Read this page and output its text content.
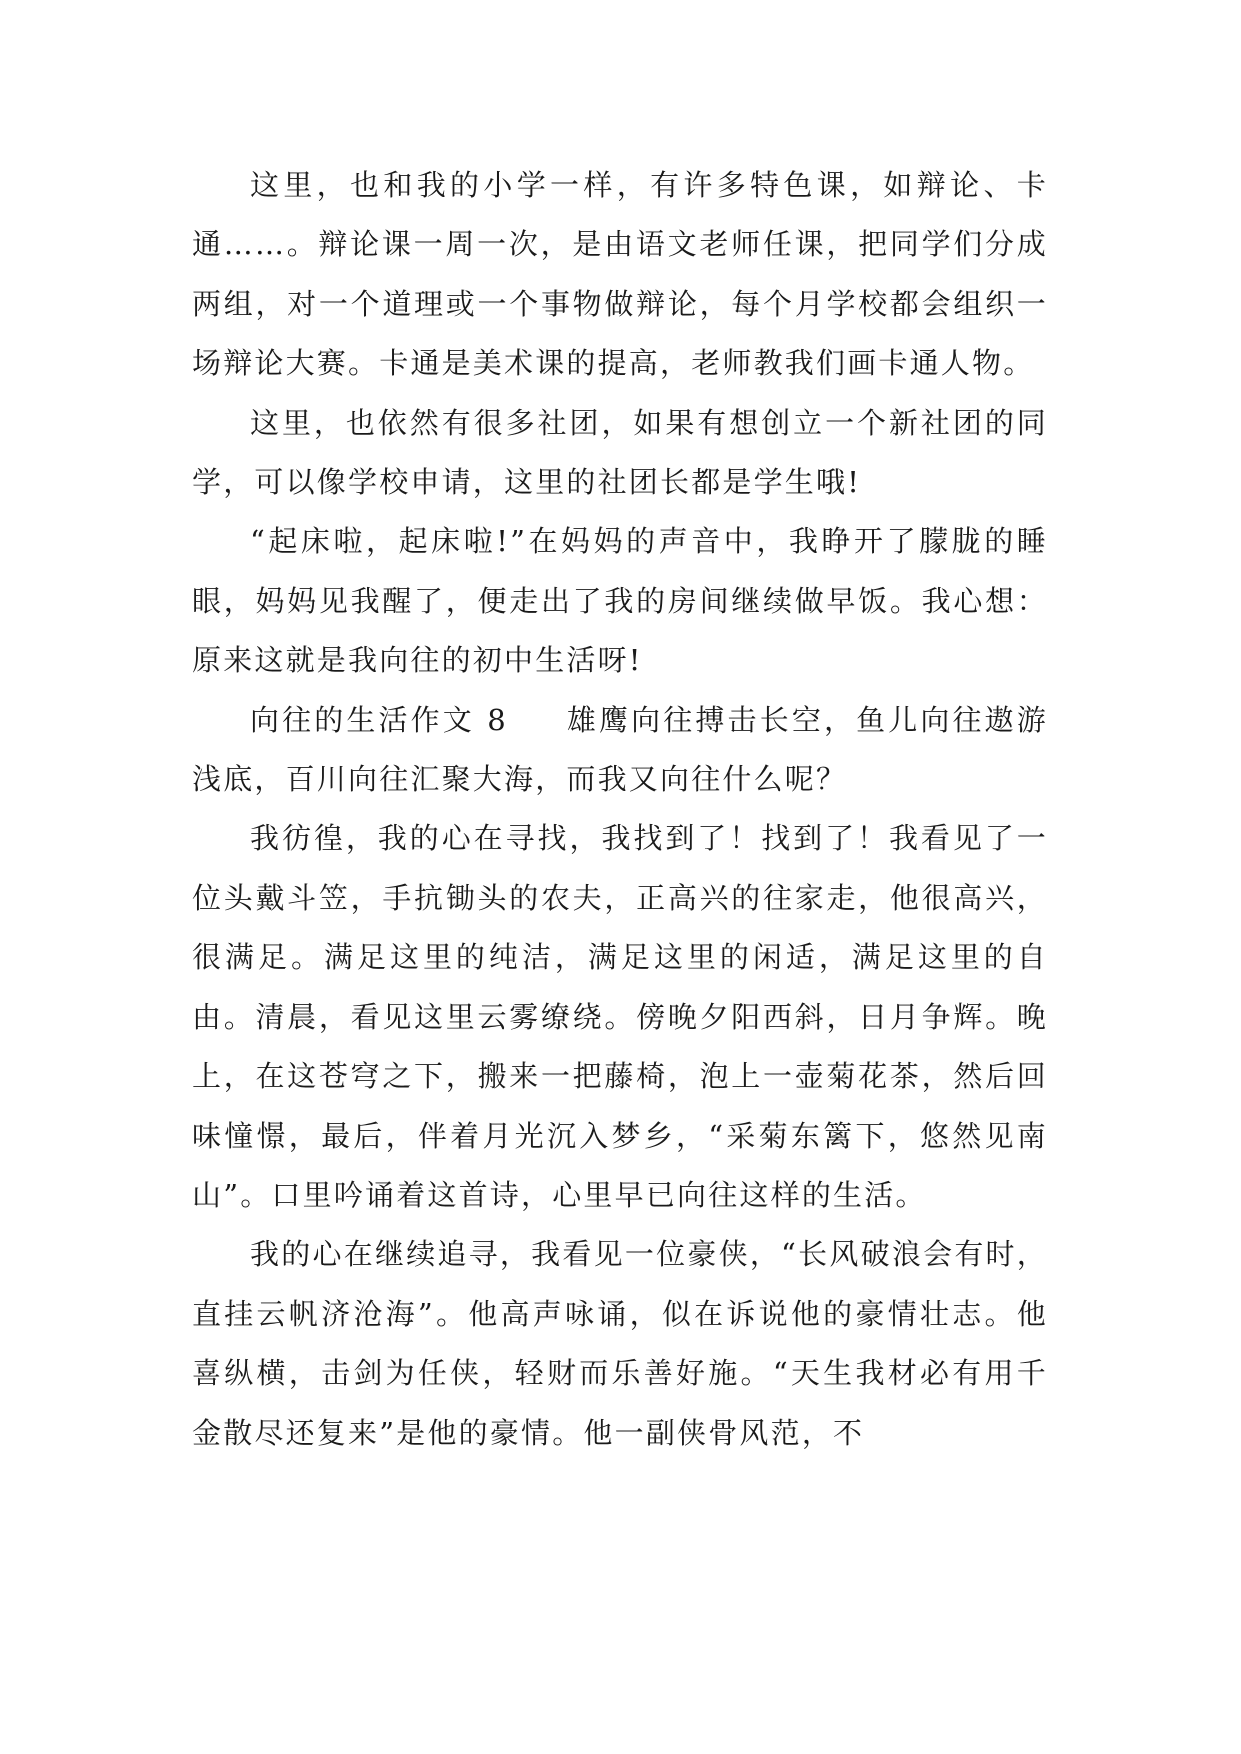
这里，也和我的小学一样，有许多特色课，如辩论、卡通……。辩论课一周一次，是由语文老师任课，把同学们分成两组，对一个道理或一个事物做辩论，每个月学校都会组织一场辩论大赛。卡通是美术课的提高，老师教我们画卡通人物。

这里，也依然有很多社团，如果有想创立一个新社团的同学，可以像学校申请，这里的社团长都是学生哦!

“起床啦，起床啦!”在妈妈的声音中，我睁开了朦胧的睡眼，妈妈见我醒了，便走出了我的房间继续做早饭。我心想：原来这就是我向往的初中生活呀!

向往的生活作文 8 雄鹰向往搏击长空，鱼儿向往遨游浅底，百川向往汇聚大海，而我又向往什么呢？

我彷徨，我的心在寻找，我找到了！找到了！我看见了一位头戴斗笠，手抗锄头的农夫，正高兴的往家走，他很高兴，很满足。满足这里的纯洁，满足这里的闲适，满足这里的自由。清晨，看见这里云雾缭绕。傍晚夕阳西斜，日月争辉。晚上，在这苍穹之下，搬来一把藤椅，泡上一壶菊花茶，然后回味憧憬，最后，伴着月光沉入梦乡，“采菊东篱下，悠然见南山”。口里吟诵着这首诗，心里早已向往这样的生活。

我的心在继续追寻，我看见一位豪侠，“长风破浪会有时，直挂云帆济沧海”。他高声咏诵，似在诉说他的豪情壮志。他喜纵横，击剑为任侠，轻财而乐善好施。“天生我材必有用千金散尽还复来”是他的豪情。他一副侠骨风范，不
